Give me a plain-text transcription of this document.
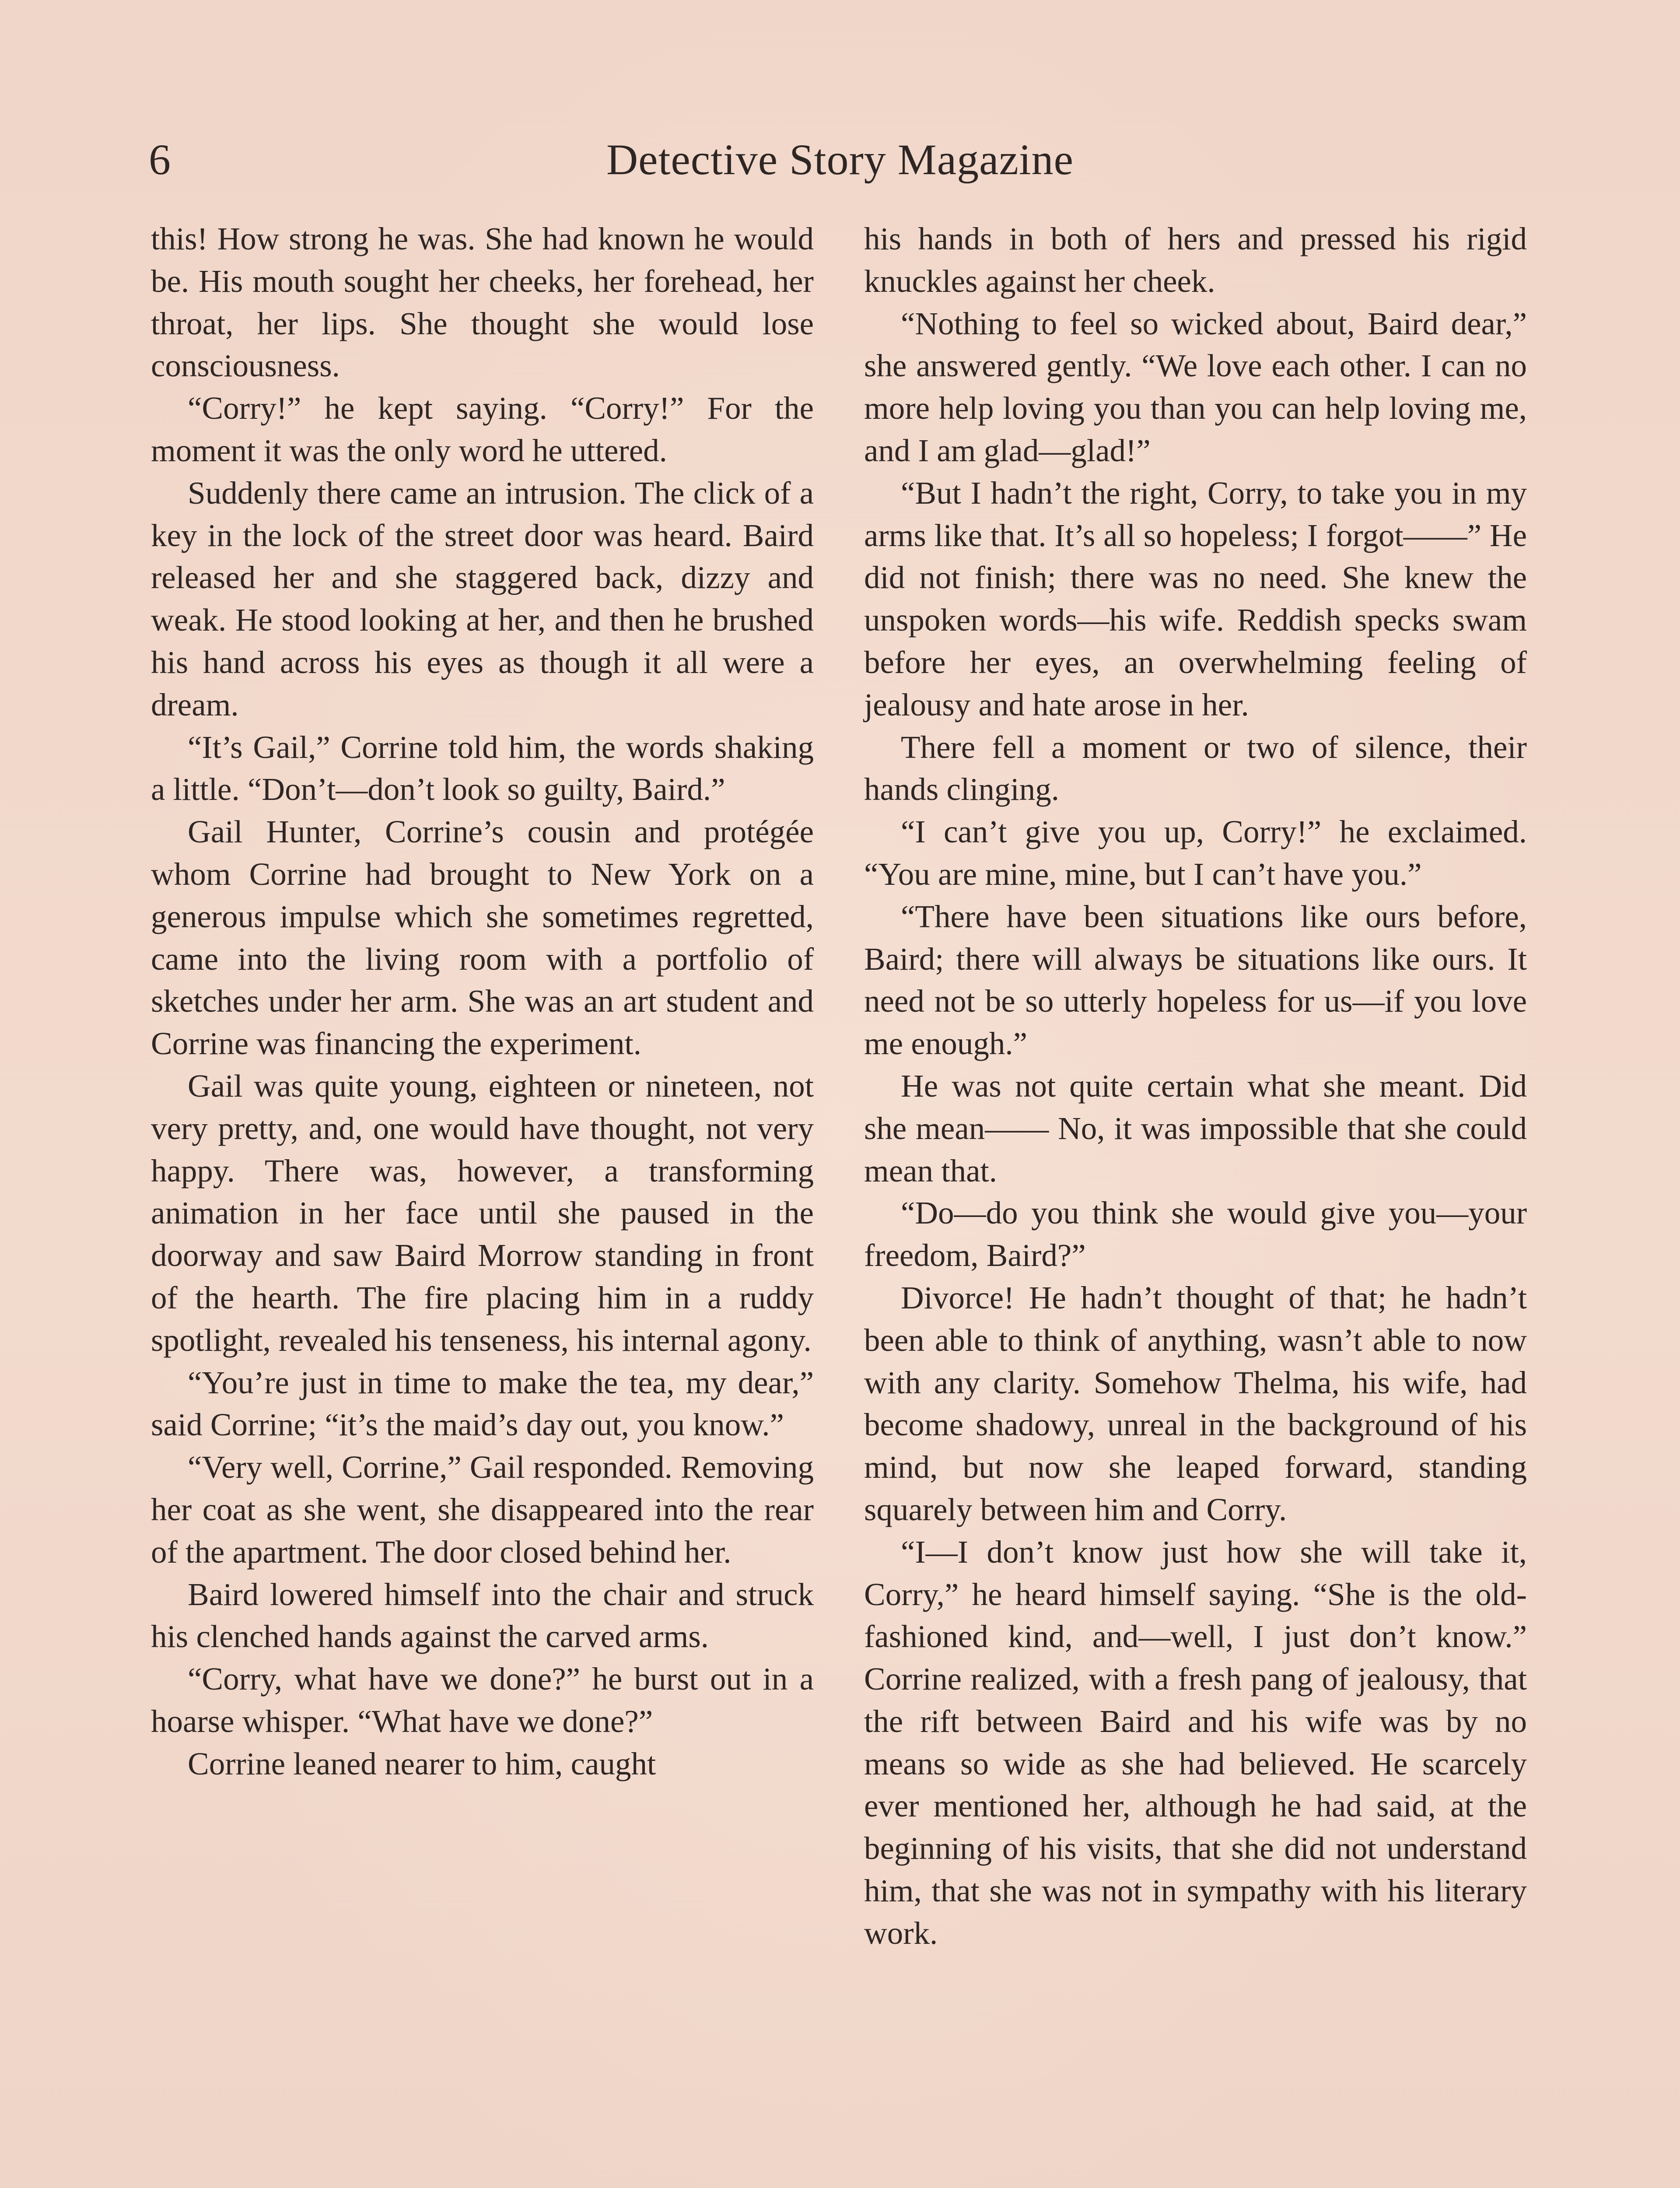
6	Detective Story Magazine

this! How strong he was. She had known he would be. His mouth sought her cheeks, her forehead, her throat, her lips. She thought she would lose consciousness.

“Corry!” he kept saying. “Corry!” For the moment it was the only word he uttered.

Suddenly there came an intrusion. The click of a key in the lock of the street door was heard. Baird released her and she staggered back, dizzy and weak. He stood looking at her, and then he brushed his hand across his eyes as though it all were a dream.

“It’s Gail,” Corrine told him, the words shaking a little. “Don’t—don’t look so guilty, Baird.”

Gail Hunter, Corrine’s cousin and protégée whom Corrine had brought to New York on a generous impulse which she sometimes regretted, came into the living room with a portfolio of sketches under her arm. She was an art student and Corrine was financing the experiment.

Gail was quite young, eighteen or nineteen, not very pretty, and, one would have thought, not very happy. There was, however, a transforming animation in her face until she paused in the doorway and saw Baird Morrow standing in front of the hearth. The fire placing him in a ruddy spotlight, revealed his tenseness, his internal agony.

“You’re just in time to make the tea, my dear,” said Corrine; “it’s the maid’s day out, you know.”

“Very well, Corrine,” Gail responded. Removing her coat as she went, she disappeared into the rear of the apartment. The door closed behind her.

Baird lowered himself into the chair and struck his clenched hands against the carved arms.

“Corry, what have we done?” he burst out in a hoarse whisper. “What have we done?”

Corrine leaned nearer to him, caught

his hands in both of hers and pressed his rigid knuckles against her cheek.

“Nothing to feel so wicked about, Baird dear,” she answered gently. “We love each other. I can no more help loving you than you can help loving me, and I am glad—glad!”

“But I hadn’t the right, Corry, to take you in my arms like that. It’s all so hopeless; I forgot——” He did not finish; there was no need. She knew the unspoken words—his wife. Reddish specks swam before her eyes, an overwhelming feeling of jealousy and hate arose in her.

There fell a moment or two of silence, their hands clinging.

“I can’t give you up, Corry!” he exclaimed. “You are mine, mine, but I can’t have you.”

“There have been situations like ours before, Baird; there will always be situations like ours. It need not be so utterly hopeless for us—if you love me enough.”

He was not quite certain what she meant. Did she mean—— No, it was impossible that she could mean that.

“Do—do you think she would give you—your freedom, Baird?”

Divorce! He hadn’t thought of that; he hadn’t been able to think of anything, wasn’t able to now with any clarity. Somehow Thelma, his wife, had become shadowy, unreal in the background of his mind, but now she leaped forward, standing squarely between him and Corry.

“I—I don’t know just how she will take it, Corry,” he heard himself saying. “She is the old-fashioned kind, and—well, I just don’t know.” Corrine realized, with a fresh pang of jealousy, that the rift between Baird and his wife was by no means so wide as she had believed. He scarcely ever mentioned her, although he had said, at the beginning of his visits, that she did not understand him, that she was not in sympathy with his literary work.
